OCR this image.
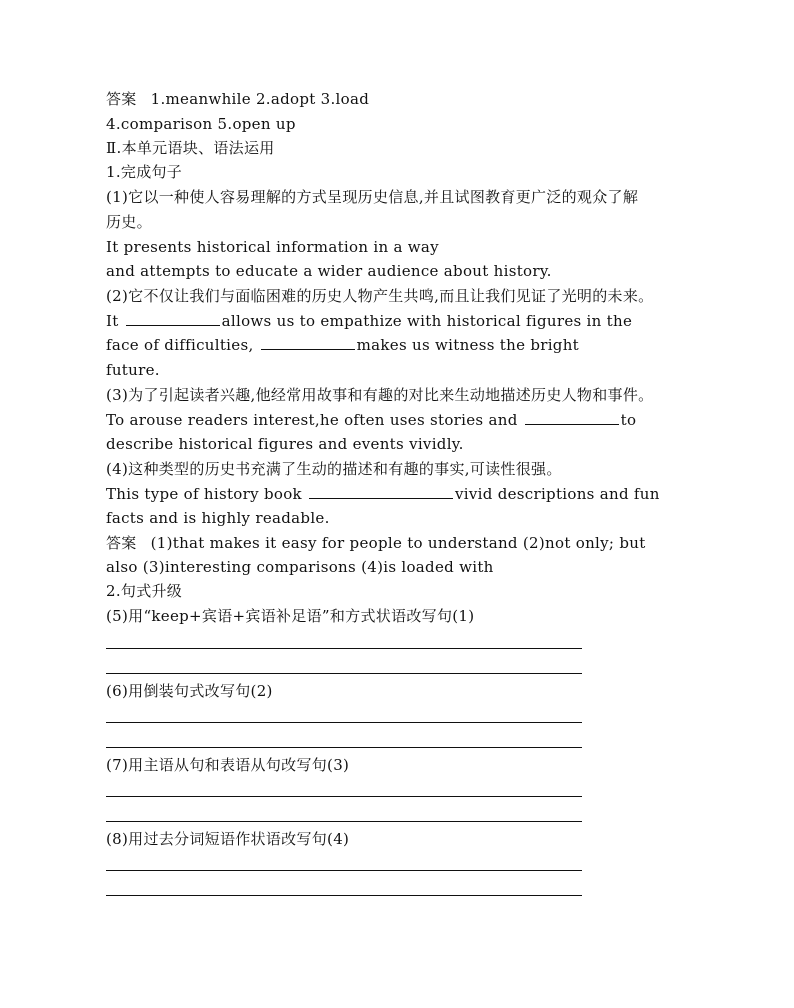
答案 1.meanwhile 2.adopt 3.load
4.comparison 5.open up
Ⅱ.本单元语块、语法运用
1.完成句子
(1)它以一种使人容易理解的方式呈现历史信息,并且试图教育更广泛的观众了解
历史。
It presents historical information in a way
and attempts to educate a wider audience about history.
(2)它不仅让我们与面临困难的历史人物产生共鸣,而且让我们见证了光明的未来。
It	allows us to empathize with historical figures in the
face of difficulties,	makes us witness the bright
future.
(3)为了引起读者兴趣,他经常用故事和有趣的对比来生动地描述历史人物和事件。
To arouse readers interest,he often uses stories and	to
describe historical figures and events vividly.
(4)这种类型的历史书充满了生动的描述和有趣的事实,可读性很强。
This type of history book	vivid descriptions and fun
facts and is highly readable.
答案 (1)that makes it easy for people to understand (2)not only; but
also (3)interesting comparisons (4)is loaded with
2.句式升级
(5)用“keep+宾语+宾语补足语”和方式状语改写句(1)
(6)用倒装句式改写句(2)
(7)用主语从句和表语从句改写句(3)
(8)用过去分词短语作状语改写句(4)
